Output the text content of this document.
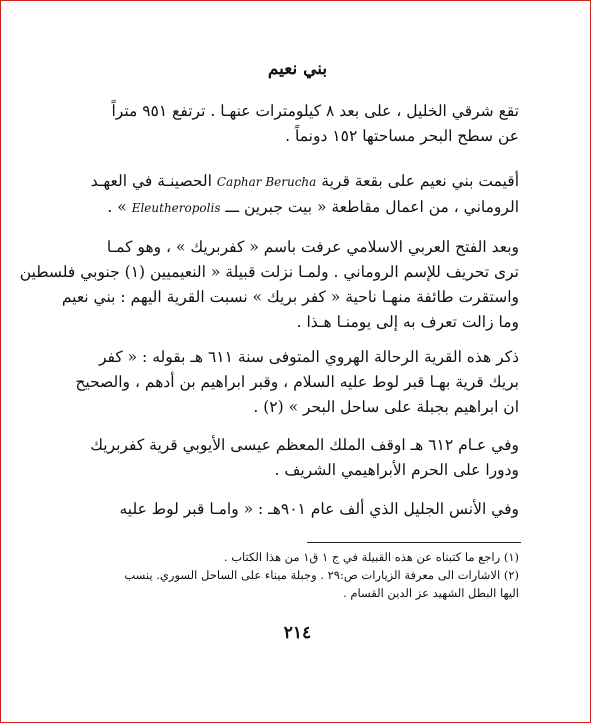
بني نعيم
تقع شرقي الخليل ، على بعد ٨ كيلومترات عنهـا . ترتفع ٩٥١ متراً
عن سطح البحر مساحتها ١٥٢ دونماً .
أقيمت بني نعيم على بقعة قرية Caphar Berucha الحصينـة في العهـد
الروماني ، من اعمال مقاطعة « بيت جبرين ـــ Eleutheropolis » .
وبعد الفتح العربي الاسلامي عرفت باسم « كفربريك » ، وهو كمـا
ترى تحريف للإسم الروماني . ولمـا نزلت قبيلة « النعيميين (١) جنوبي فلسطين
واستقرت طائفة منهـا ناحية « كفر بريك » نسبت القرية اليهم : بني نعيم
وما زالت تعرف به إلى يومنـا هـذا .
ذكر هذه القرية الرحالة الهروي المتوفى سنة ٦١١ هـ بقوله : « كفر
بريك قرية بهـا قبر لوط عليه السلام ، وقبر ابراهيم بن أدهم ، والصحيح
ان ابراهيم بجبلة على ساحل البحر » (٢) .
وفي عـام ٦١٢ هـ اوقف الملك المعظم عيسى الأيوبي قرية كفربريك
ودورا على الحرم الأبراهيمي الشريف .
وفي الأنس الجليل الذي ألف عام ٩٠١هـ : « وامـا قبر لوط عليه
(١) راجع ما كتبناه عن هذه القبيلة في ج ١ ق١ من هذا الكتاب .
(٢) الاشارات الى معرفة الزيارات ص:٢٩ . وجبلة ميناء على الساحل السوري. ينسب
اليها البطل الشهيد عز الدين القسام .
٢١٤
